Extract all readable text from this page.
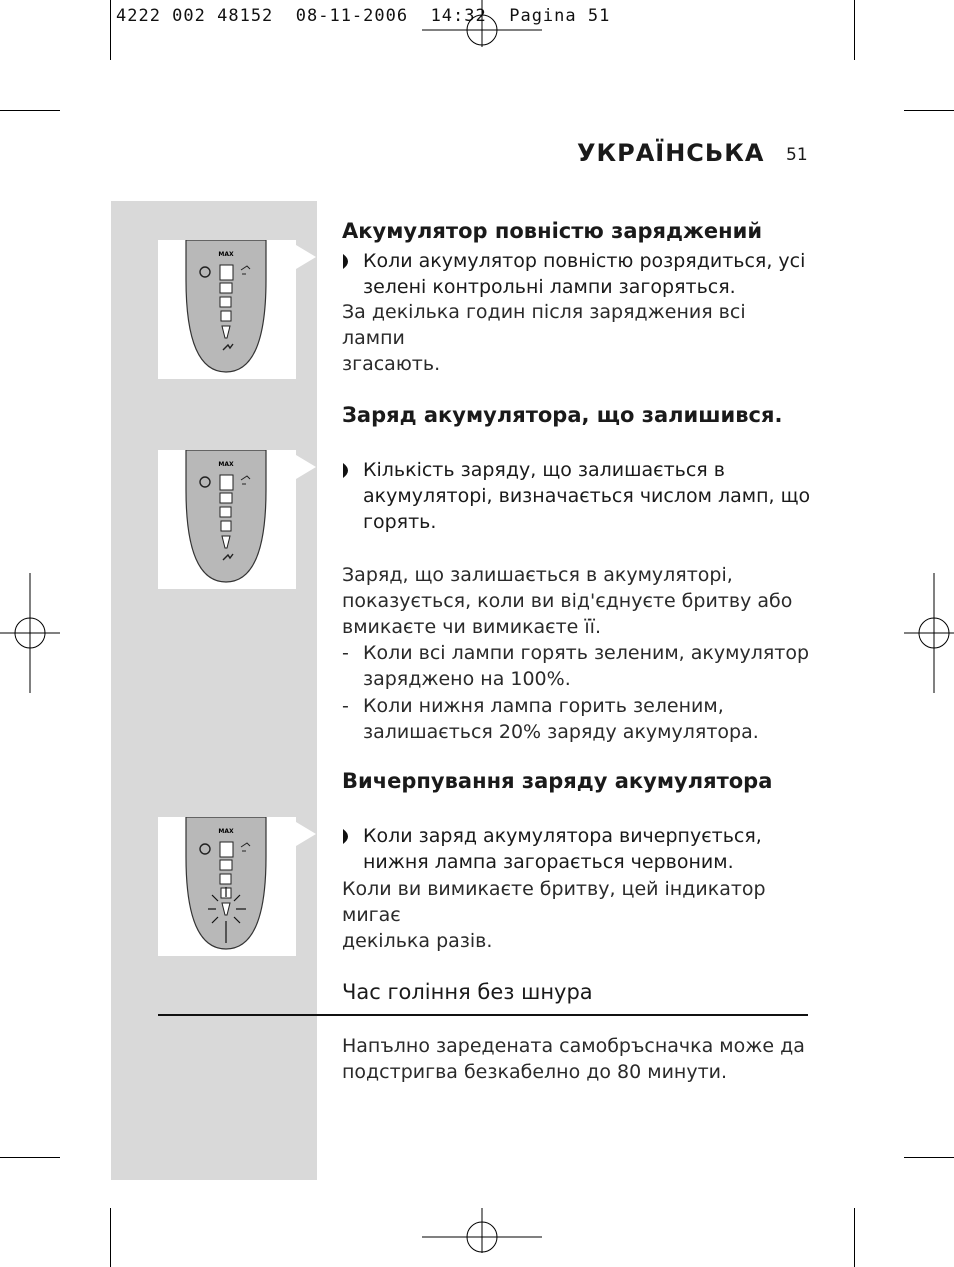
4222 002 48152  08-11-2006  14:32  Pagina 51
УКРАЇНСЬКА 51
MAX
MAX
MAX
Акумулятор повністю заряджений
Коли акумулятор повністю розрядиться, усі
зелені контрольні лампи загоряться.
За декілька годин після заряджения всі лампи
згасають.
Заряд акумулятора, що залишився.
Кількість заряду, що залишається в
акумуляторі, визначається числом ламп, що
горять.
Заряд, що залишається в акумуляторі,
показується, коли ви від'єднуєте бритву або
вмикаєте чи вимикаєте її.
- Коли всі лампи горять зеленим, акумулятор
заряджено на 100%.
- Коли нижня лампа горить зеленим,
залишається 20% заряду акумулятора.
Вичерпування заряду акумулятора
Коли заряд акумулятора вичерпується,
нижня лампа загорається червоним.
Коли ви вимикаєте бритву, цей індикатор мигає
декілька разів.
Час гоління без шнура
Напълно заредената самобръсначка може да
подстригва безкабелно до 80 минути.
